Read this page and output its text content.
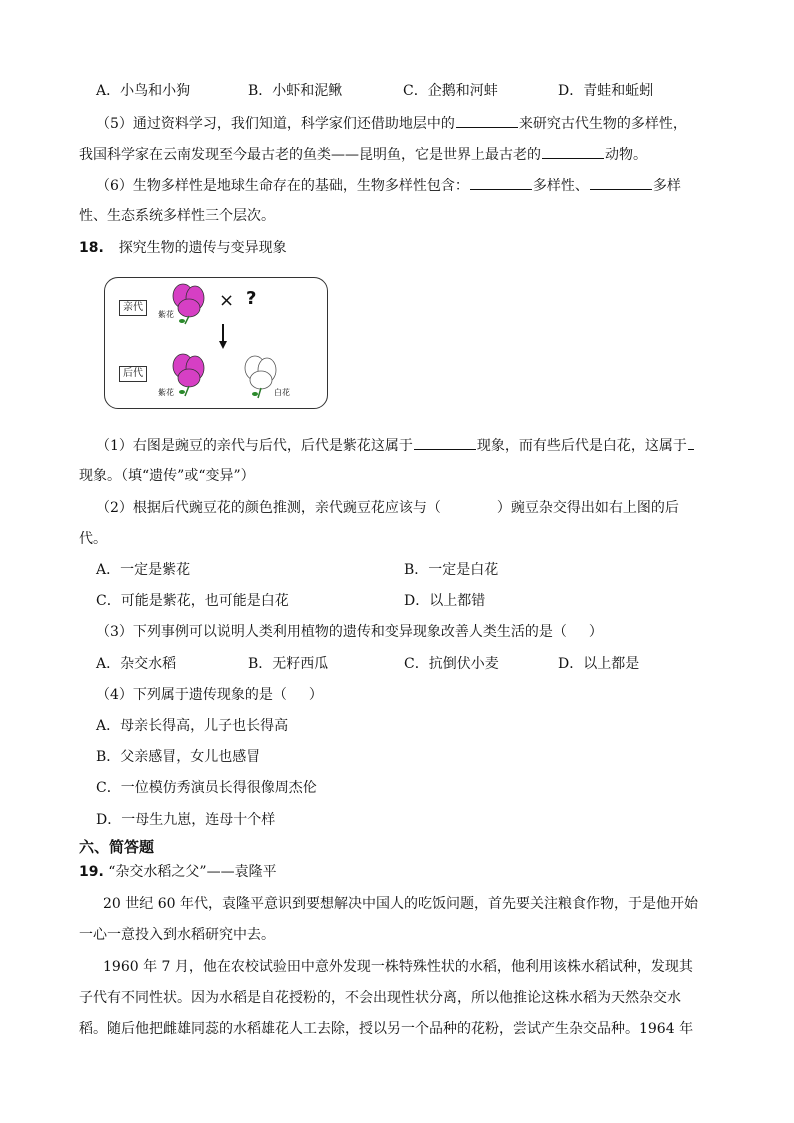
A．小鸟和小狗	B．小虾和泥鳅	C．企鹅和河蚌	D．青蛙和蚯蚓
（5）通过资料学习，我们知道，科学家们还借助地层中的	来研究古代生物的多样性，
我国科学家在云南发现至今最古老的鱼类——昆明鱼，它是世界上最古老的	动物。
（6）生物多样性是地球生命存在的基础，生物多样性包含：	多样性、	多样
性、生态系统多样性三个层次。
18. 探究生物的遗传与变异现象
亲代
后代
紫花
× ?
紫花	白花
（1）右图是豌豆的亲代与后代，后代是紫花这属于	现象，而有些后代是白花，这属于
现象。（填“遗传”或“变异”）
（2）根据后代豌豆花的颜色推测，亲代豌豆花应该与（	）豌豆杂交得出如右上图的后
代。
A．一定是紫花	B．一定是白花
C．可能是紫花，也可能是白花	D．以上都错
（3）下列事例可以说明人类利用植物的遗传和变异现象改善人类生活的是（ ）
A．杂交水稻	B．无籽西瓜	C．抗倒伏小麦	D．以上都是
（4）下列属于遗传现象的是（ ）
A．母亲长得高，儿子也长得高
B．父亲感冒，女儿也感冒
C．一位模仿秀演员长得很像周杰伦
D．一母生九崽，连母十个样
六、简答题
19. “杂交水稻之父”——袁隆平
20 世纪 60 年代，袁隆平意识到要想解决中国人的吃饭问题，首先要关注粮食作物，于是他开始
一心一意投入到水稻研究中去。
1960 年 7 月，他在农校试验田中意外发现一株特殊性状的水稻，他利用该株水稻试种，发现其
子代有不同性状。因为水稻是自花授粉的，不会出现性状分离，所以他推论这株水稻为天然杂交水
稻。随后他把雌雄同蕊的水稻雄花人工去除，授以另一个品种的花粉，尝试产生杂交品种。1964 年
